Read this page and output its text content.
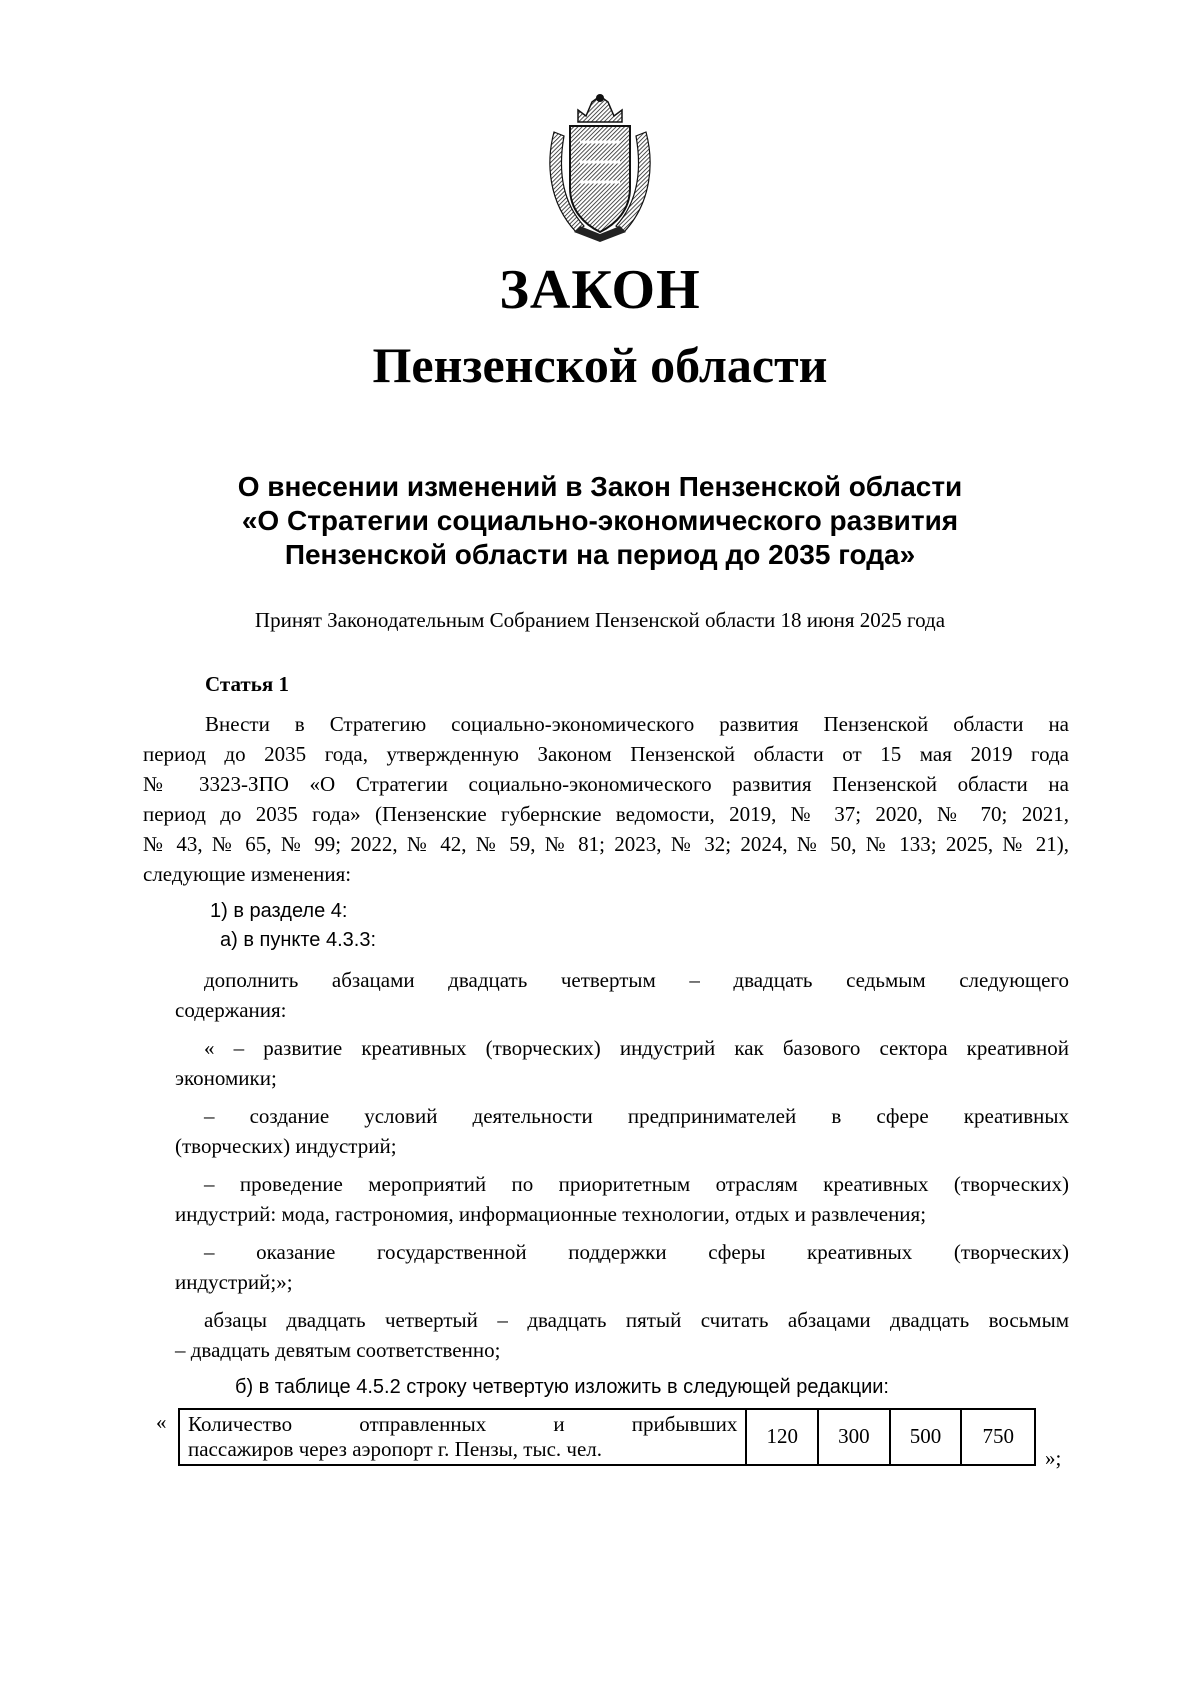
ЗАКОН
Пензенской области
О внесении изменений в Закон Пензенской области
«О Стратегии социально-экономического развития
Пензенской области на период до 2035 года»
Принят Законодательным Собранием Пензенской области 18 июня 2025 года
Статья 1
Внести в Стратегию социально-экономического развития Пензенской области на
период до 2035 года, утвержденную Законом Пензенской области от 15 мая 2019 года
№ 3323-ЗПО «О Стратегии социально-экономического развития Пензенской области на
период до 2035 года» (Пензенские губернские ведомости, 2019, № 37; 2020, № 70; 2021,
№ 43, № 65, № 99; 2022, № 42, № 59, № 81; 2023, № 32; 2024, № 50, № 133; 2025, № 21),
следующие изменения:
1) в разделе 4:
а) в пункте 4.3.3:
дополнить абзацами двадцать четвертым – двадцать седьмым следующего
содержания:
« – развитие креативных (творческих) индустрий как базового сектора креативной
экономики;
– создание условий деятельности предпринимателей в сфере креативных
(творческих) индустрий;
– проведение мероприятий по приоритетным отраслям креативных (творческих)
индустрий: мода, гастрономия, информационные технологии, отдых и развлечения;
– оказание государственной поддержки сферы креативных (творческих)
индустрий;»;
абзацы двадцать четвертый – двадцать пятый считать абзацами двадцать восьмым
– двадцать девятым соответственно;
б) в таблице 4.5.2 строку четвертую изложить в следующей редакции:
« Количество отправленных и прибывших
пассажиров через аэропорт г. Пензы, тыс. чел.
120	300	500	750
»;
